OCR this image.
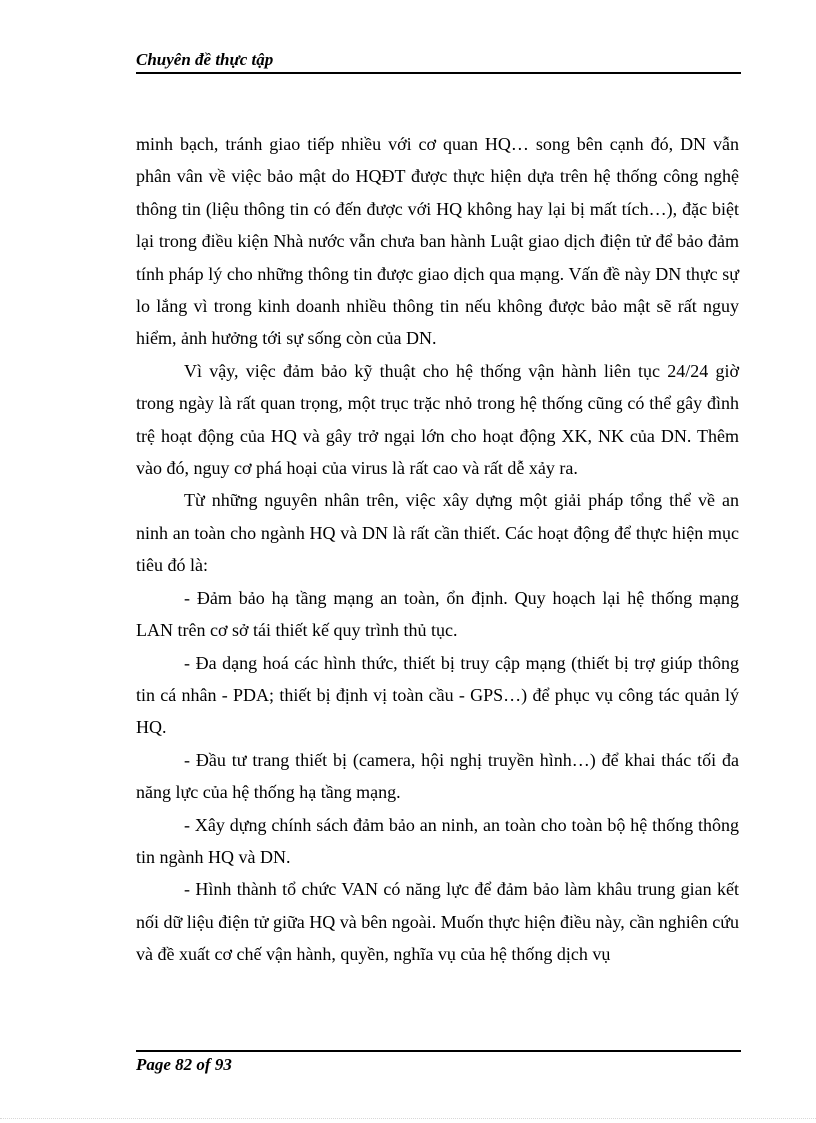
Chuyên đề thực tập

minh bạch, tránh giao tiếp nhiều với cơ quan HQ… song bên cạnh đó, DN vẫn phân vân về việc bảo mật do HQĐT được thực hiện dựa trên hệ thống công nghệ thông tin (liệu thông tin có đến được với HQ không hay lại bị mất tích…), đặc biệt lại trong điều kiện Nhà nước vẫn chưa ban hành Luật giao dịch điện tử để bảo đảm tính pháp lý cho những thông tin được giao dịch qua mạng. Vấn đề này DN thực sự lo lắng vì trong kinh doanh nhiều thông tin nếu không được bảo mật sẽ rất nguy hiểm, ảnh hưởng tới sự sống còn của DN.

Vì vậy, việc đảm bảo kỹ thuật cho hệ thống vận hành liên tục 24/24 giờ trong ngày là rất quan trọng, một trục trặc nhỏ trong hệ thống cũng có thể gây đình trệ hoạt động của HQ và gây trở ngại lớn cho hoạt động XK, NK của DN. Thêm vào đó, nguy cơ phá hoại của virus là rất cao và rất dễ xảy ra.

Từ những nguyên nhân trên, việc xây dựng một giải pháp tổng thể về an ninh an toàn cho ngành HQ và DN là rất cần thiết. Các hoạt động để thực hiện mục tiêu đó là:

- Đảm bảo hạ tầng mạng an toàn, ổn định. Quy hoạch lại hệ thống mạng LAN trên cơ sở tái thiết kế quy trình thủ tục.

- Đa dạng hoá các hình thức, thiết bị truy cập mạng (thiết bị trợ giúp thông tin cá nhân - PDA; thiết bị định vị toàn cầu - GPS…) để phục vụ công tác quản lý HQ.

- Đầu tư trang thiết bị (camera, hội nghị truyền hình…) để khai thác tối đa năng lực của hệ thống hạ tầng mạng.

- Xây dựng chính sách đảm bảo an ninh, an toàn cho toàn bộ hệ thống thông tin ngành HQ và DN.

- Hình thành tổ chức VAN có năng lực để đảm bảo làm khâu trung gian kết nối dữ liệu điện tử giữa HQ và bên ngoài. Muốn thực hiện điều này, cần nghiên cứu và đề xuất cơ chế vận hành, quyền, nghĩa vụ của hệ thống dịch vụ

Page 82 of 93
